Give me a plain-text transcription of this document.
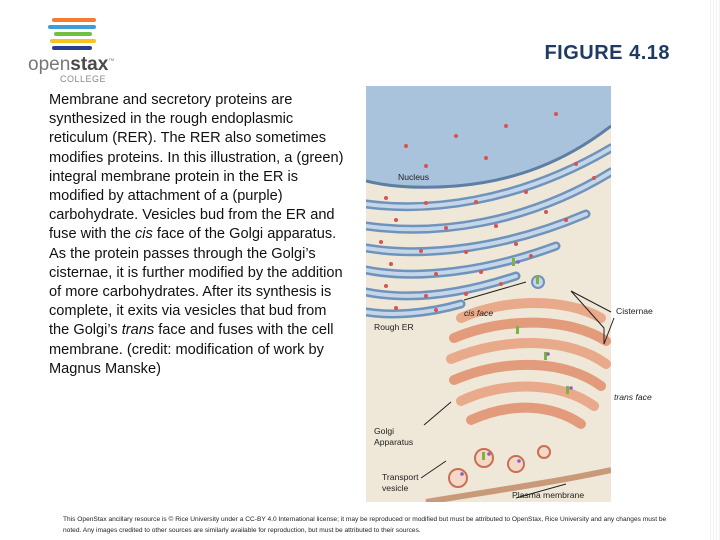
openstax™
COLLEGE
FIGURE 4.18
Membrane and secretory proteins are synthesized in the rough endoplasmic reticulum (RER). The RER also sometimes modifies proteins. In this illustration, a (green) integral membrane protein in the ER is modified by attachment of a (purple) carbohydrate. Vesicles bud from the ER and fuse with the cis face of the Golgi apparatus. As the protein passes through the Golgi’s cisternae, it is further modified by the addition of more carbohydrates. After its synthesis is complete, it exits via vesicles that bud from the Golgi’s trans face and fuses with the cell membrane. (credit: modification of work by Magnus Manske)
Nucleus
cis face	Cisternae
Rough ER
trans face
Golgi
Apparatus
Transport
vesicle
Plasma membrane
This OpenStax ancillary resource is © Rice University under a CC-BY 4.0 International license; it may be reproduced or modified but must be attributed to OpenStax, Rice University and any changes must be noted. Any images credited to other sources are similarly available for reproduction, but must be attributed to their sources.
